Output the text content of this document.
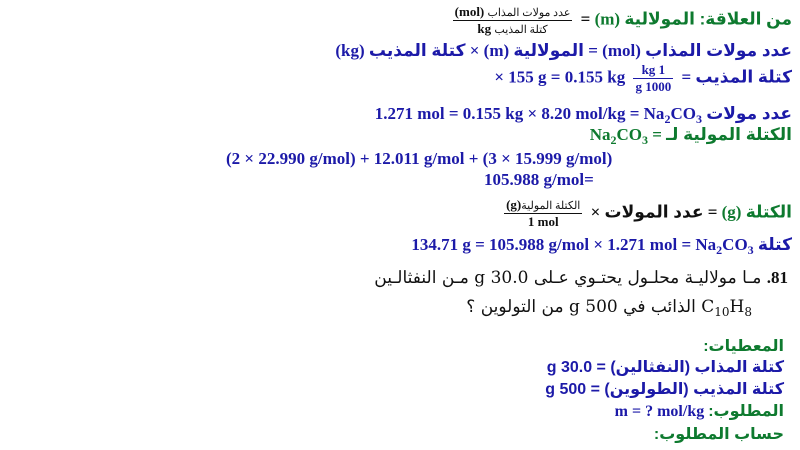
من العلاقة: المولالية (m) =
$\frac{\text{عدد مولات المذاب (mol)}}{\text{كتلة المذيب kg}}$
عدد مولات المذاب (mol) = المولالية (m) × كتلة المذيب (kg)
كتلة المذيب =
$\frac{1 kg}{1000 g}$
× 155 g = 0.155 kg
عدد مولات 1.271 mol = 0.155 kg × 8.20 $mol/kg = Na_2CO_3$
الكتلة المولية لـ $Na_2CO_3$ =
(2 × 22.990 g/mol) + 12.011 g/mol + (3 × 15.999 g/mol)
105.988 g/mol=
الكتلة (g) = عدد المولات ×
$\frac{\text{الكتلة المولية(g)}}{\text{1 mol}}$
كتلة 134.71 g = 105.988 g/mol × 1.271 mol = $Na_2CO_3$
81. مـا مولاليـة محلـول يحتـوي عـلى 30.0 g مـن النفثالـين
$C_{10}H_8$ الذائب في 500 g من التولوين ؟
المعطيات:
كتلة المذاب (النفثالين) = 30.0 g
كتلة المذيب (الطولوين) = 500 g
المطلوب: m = ? mol/kg
حساب المطلوب:
